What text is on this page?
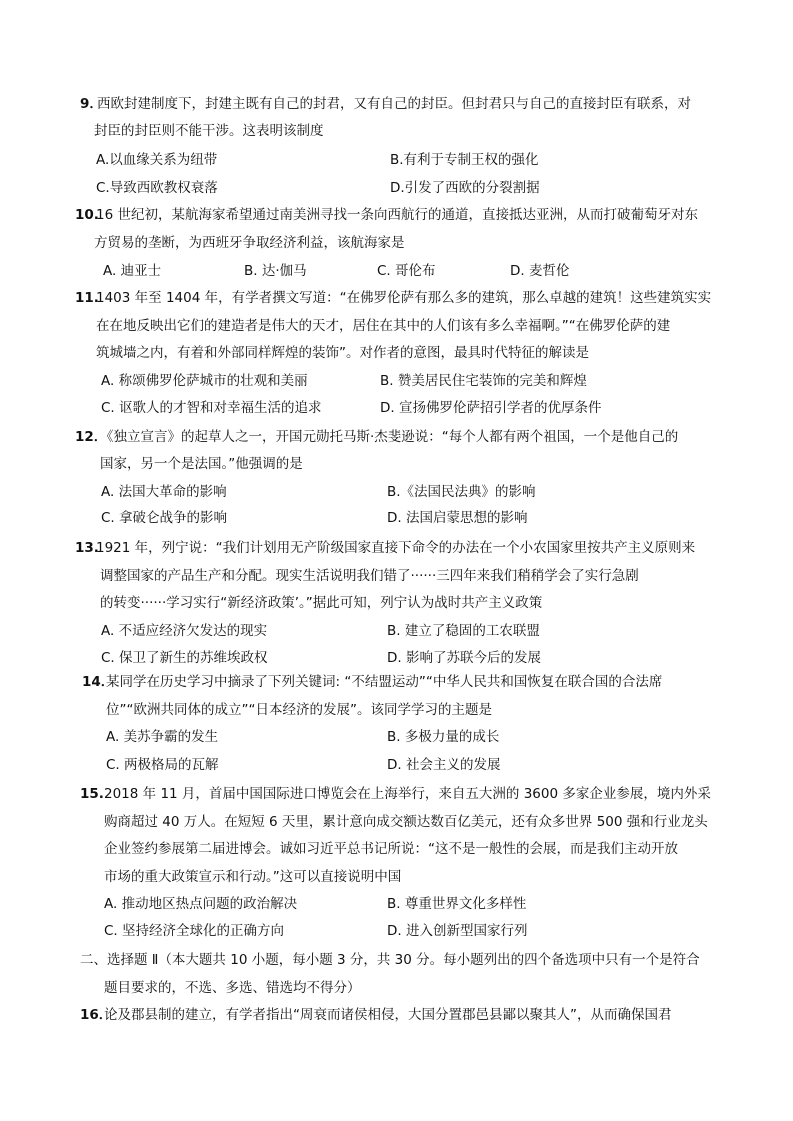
9．
西欧封建制度下，封建主既有自己的封君，又有自己的封臣。但封君只与自己的直接封臣有联系，对
封臣的封臣则不能干涉。这表明该制度
A.以血缘关系为纽带	B.有利于专制王权的强化
C.导致西欧教权衰落	D.引发了西欧的分裂割据
10.
16 世纪初，某航海家希望通过南美洲寻找一条向西航行的通道，直接抵达亚洲，从而打破葡萄牙对东
方贸易的垄断，为西班牙争取经济利益，该航海家是
A. 迪亚士	B. 达·伽马	C. 哥伦布	D. 麦哲伦
11.
1403 年至 1404 年，有学者撰文写道：“在佛罗伦萨有那么多的建筑，那么卓越的建筑！这些建筑实实
在在地反映出它们的建造者是伟大的天才，居住在其中的人们该有多么幸福啊。”“在佛罗伦萨的建
筑城墙之内，有着和外部同样辉煌的装饰”。对作者的意图，最具时代特征的解读是
A. 称颂佛罗伦萨城市的壮观和美丽	B. 赞美居民住宅装饰的完美和辉煌
C. 讴歌人的才智和对幸福生活的追求	D. 宣扬佛罗伦萨招引学者的优厚条件
12．
《独立宣言》的起草人之一，开国元勋托马斯·杰斐逊说：“每个人都有两个祖国，一个是他自己的
国家，另一个是法国。”他强调的是
A. 法国大革命的影响	B.《法国民法典》的影响
C. 拿破仑战争的影响	D. 法国启蒙思想的影响
13.
1921 年，列宁说：“我们计划用无产阶级国家直接下命令的办法在一个小农国家里按共产主义原则来
调整国家的产品生产和分配。现实生活说明我们错了······三四年来我们稍稍学会了实行急剧
的转变······学习实行“新经济政策’。”据此可知，列宁认为战时共产主义政策
A. 不适应经济欠发达的现实	B. 建立了稳固的工农联盟
C. 保卫了新生的苏维埃政权	D. 影响了苏联今后的发展
14．
某同学在历史学习中摘录了下列关键词: “不结盟运动”“中华人民共和国恢复在联合国的合法席
位”“欧洲共同体的成立”“日本经济的发展”。该同学学习的主题是
A. 美苏争霸的发生	B. 多极力量的成长
C. 两极格局的瓦解	D. 社会主义的发展
15. 2018 年 11 月，首届中国国际进口博览会在上海举行，来自五大洲的 3600 多家企业参展，境内外采
购商超过 40 万人。在短短 6 天里，累计意向成交额达数百亿美元，还有众多世界 500 强和行业龙头
企业签约参展第二届进博会。诚如习近平总书记所说：“这不是一般性的会展，而是我们主动开放
市场的重大政策宣示和行动。”这可以直接说明中国
A. 推动地区热点问题的政治解决	B. 尊重世界文化多样性
C. 坚持经济全球化的正确方向	D. 进入创新型国家行列
二、选择题 Ⅱ（本大题共 10 小题，每小题 3 分，共 30 分。每小题列出的四个备选项中只有一个是符合
题目要求的，不选、多选、错选均不得分）
16．
论及郡县制的建立，有学者指出“周衰而诸侯相侵，大国分置郡邑县鄙以聚其人”，从而确保国君
